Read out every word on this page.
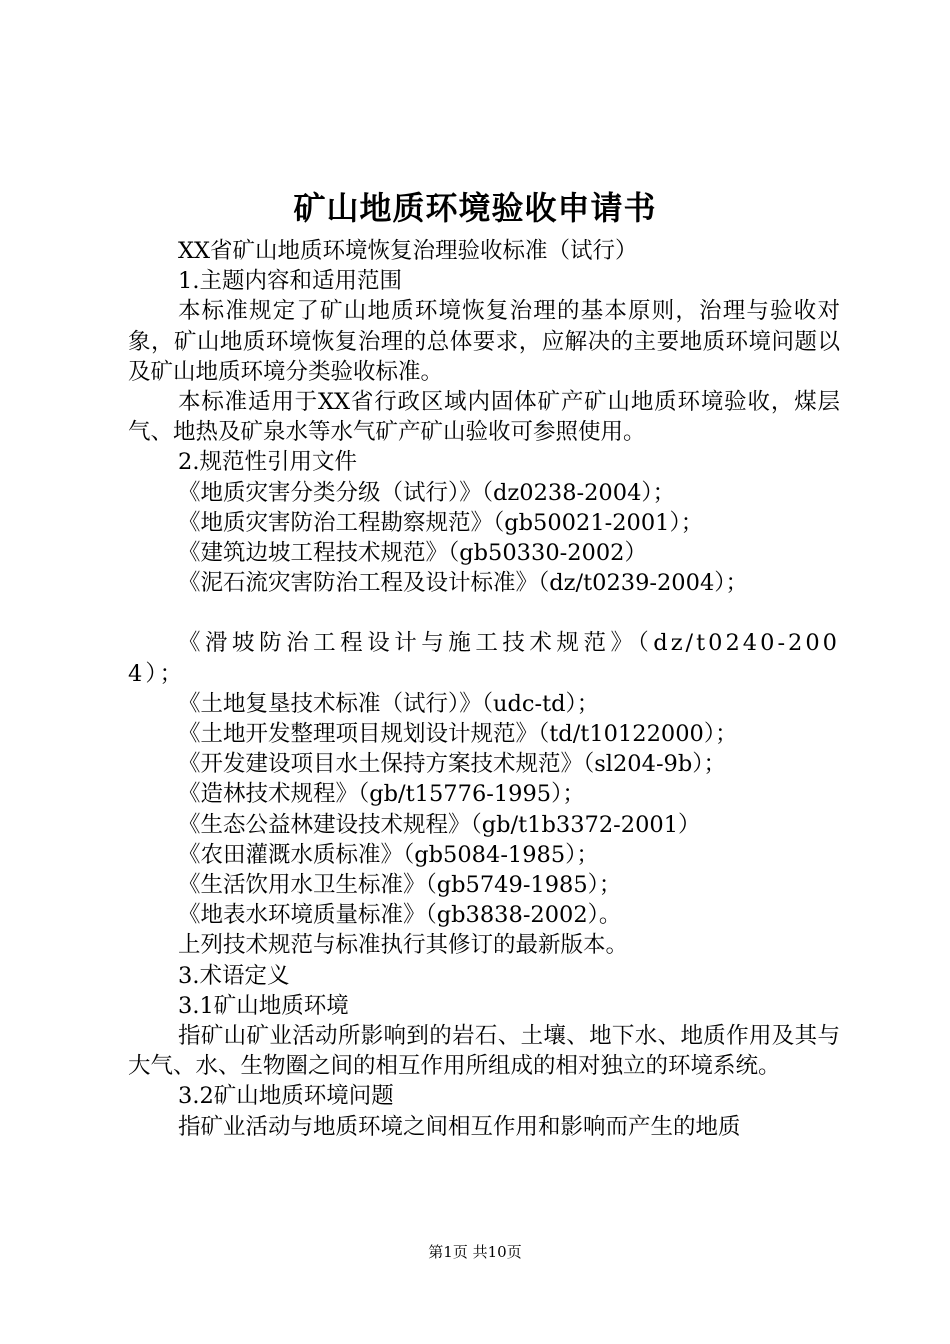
矿山地质环境验收申请书

XX省矿山地质环境恢复治理验收标准（试行）

1.主题内容和适用范围

本标准规定了矿山地质环境恢复治理的基本原则，治理与验收对象，矿山地质环境恢复治理的总体要求，应解决的主要地质环境问题以及矿山地质环境分类验收标准。

本标准适用于XX省行政区域内固体矿产矿山地质环境验收，煤层气、地热及矿泉水等水气矿产矿山验收可参照使用。

2.规范性引用文件

《地质灾害分类分级（试行）》（dz0238-2004）；

《地质灾害防治工程勘察规范》（gb50021-2001）；

《建筑边坡工程技术规范》（gb50330-2002）

《泥石流灾害防治工程及设计标准》（dz/t0239-2004）；

《滑坡防治工程设计与施工技术规范》（dz/t0240-2004）；

《土地复垦技术标准（试行）》（udc-td）；

《土地开发整理项目规划设计规范》（td/t10122000）；

《开发建设项目水土保持方案技术规范》（sl204-9b）；

《造林技术规程》（gb/t15776-1995）；

《生态公益林建设技术规程》（gb/t1b3372-2001）

《农田灌溉水质标准》（gb5084-1985）；

《生活饮用水卫生标准》（gb5749-1985）；

《地表水环境质量标准》（gb3838-2002）。

上列技术规范与标准执行其修订的最新版本。

3.术语定义

3.1矿山地质环境

指矿山矿业活动所影响到的岩石、土壤、地下水、地质作用及其与大气、水、生物圈之间的相互作用所组成的相对独立的环境系统。

3.2矿山地质环境问题

指矿业活动与地质环境之间相互作用和影响而产生的地质

第1页 共10页
